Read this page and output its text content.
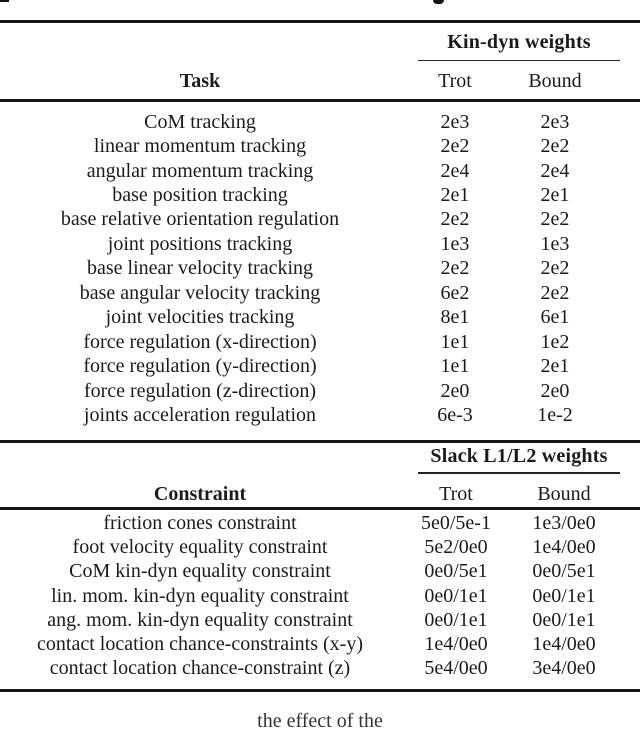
Kin-dyn weights
Task	Trot	Bound
CoM tracking	2e3	2e3
linear momentum tracking	2e2	2e2
angular momentum tracking	2e4	2e4
base position tracking	2e1	2e1
base relative orientation regulation	2e2	2e2
joint positions tracking	1e3	1e3
base linear velocity tracking	2e2	2e2
base angular velocity tracking	6e2	2e2
joint velocities tracking	8e1	6e1
force regulation (x-direction)	1e1	1e2
force regulation (y-direction)	1e1	2e1
force regulation (z-direction)	2e0	2e0
joints acceleration regulation	6e-3	1e-2
Slack L1/L2 weights
Constraint	Trot	Bound
friction cones constraint	5e0/5e-1	1e3/0e0
foot velocity equality constraint	5e2/0e0	1e4/0e0
CoM kin-dyn equality constraint	0e0/5e1	0e0/5e1
lin. mom. kin-dyn equality constraint	0e0/1e1	0e0/1e1
ang. mom. kin-dyn equality constraint	0e0/1e1	0e0/1e1
contact location chance-constraints (x-y)	1e4/0e0	1e4/0e0
contact location chance-constraint (z)	5e4/0e0	3e4/0e0
the effect of the
